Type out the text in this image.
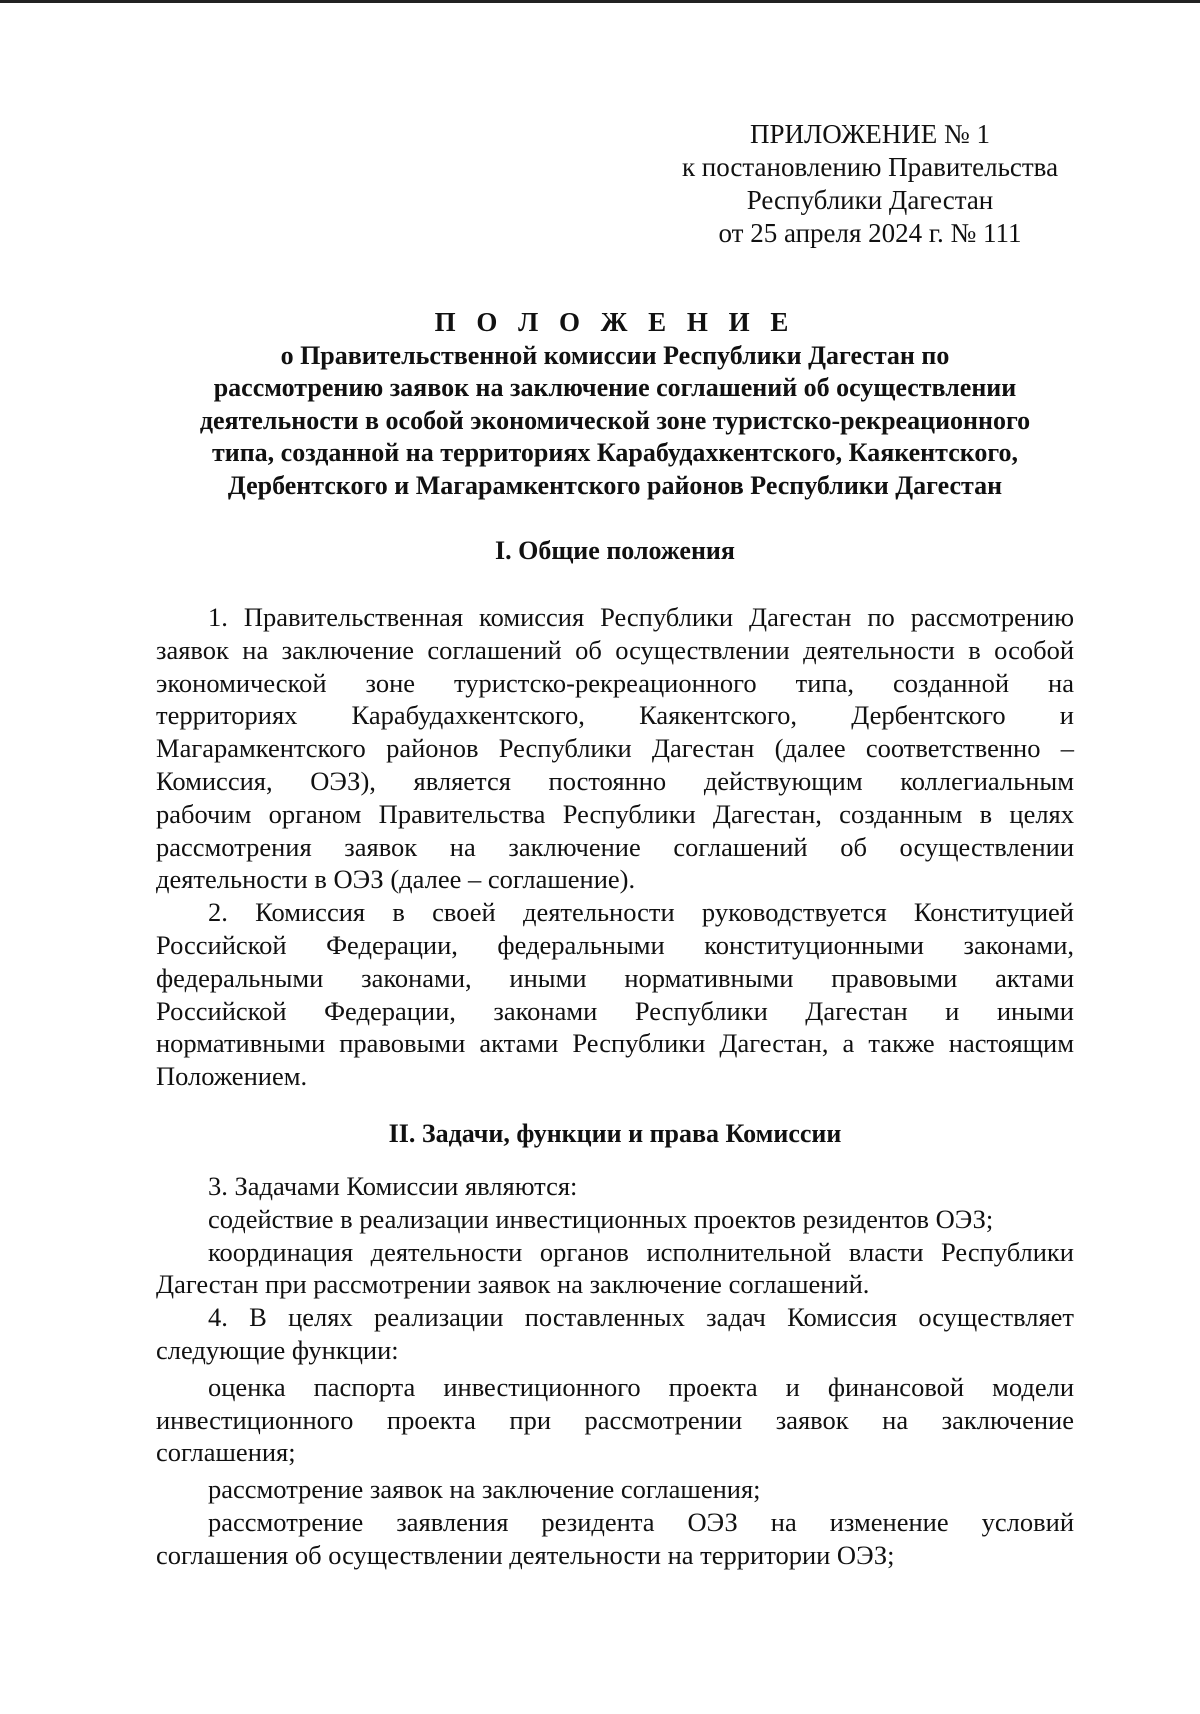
ПРИЛОЖЕНИЕ № 1
к постановлению Правительства
Республики Дагестан
от 25 апреля 2024 г. № 111
П О Л О Ж Е Н И Е
о Правительственной комиссии Республики Дагестан по
рассмотрению заявок на заключение соглашений об осуществлении
деятельности в особой экономической зоне туристско-рекреационного
типа, созданной на территориях Карабудахкентского, Каякентского,
Дербентского и Магарамкентского районов Республики Дагестан
I. Общие положения
1. Правительственная комиссия Республики Дагестан по рассмотрению
заявок на заключение соглашений об осуществлении деятельности в особой
экономической зоне туристско-рекреационного типа, созданной на
территориях Карабудахкентского, Каякентского, Дербентского и
Магарамкентского районов Республики Дагестан (далее соответственно –
Комиссия, ОЭЗ), является постоянно действующим коллегиальным
рабочим органом Правительства Республики Дагестан, созданным в целях
рассмотрения заявок на заключение соглашений об осуществлении
деятельности в ОЭЗ (далее – соглашение).
2. Комиссия в своей деятельности руководствуется Конституцией
Российской Федерации, федеральными конституционными законами,
федеральными законами, иными нормативными правовыми актами
Российской Федерации, законами Республики Дагестан и иными
нормативными правовыми актами Республики Дагестан, а также настоящим
Положением.
II. Задачи, функции и права Комиссии
3. Задачами Комиссии являются:
содействие в реализации инвестиционных проектов резидентов ОЭЗ;
координация деятельности органов исполнительной власти Республики
Дагестан при рассмотрении заявок на заключение соглашений.
4. В целях реализации поставленных задач Комиссия осуществляет
следующие функции:
оценка паспорта инвестиционного проекта и финансовой модели
инвестиционного проекта при рассмотрении заявок на заключение
соглашения;
рассмотрение заявок на заключение соглашения;
рассмотрение заявления резидента ОЭЗ на изменение условий
соглашения об осуществлении деятельности на территории ОЭЗ;
